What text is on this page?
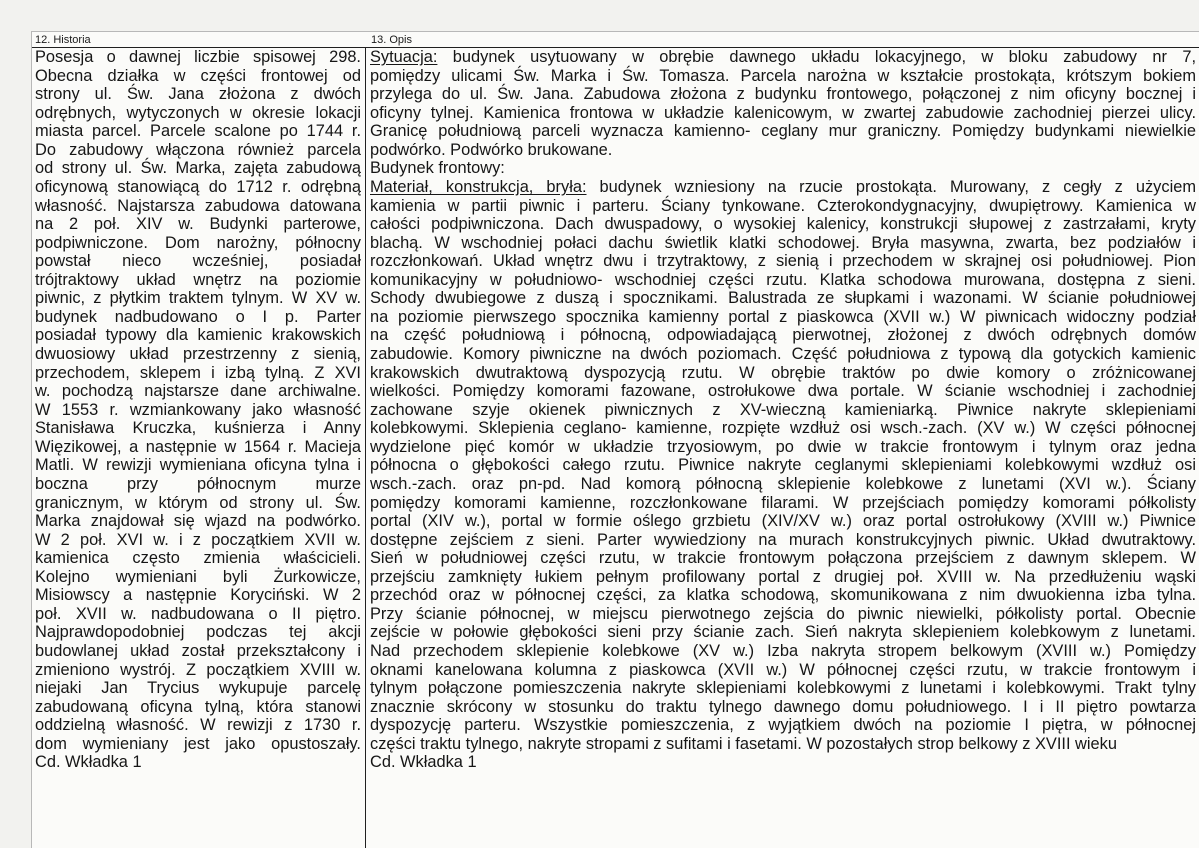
12. Historia	13. Opis
Posesja o dawnej liczbie spisowej 298.
Obecna działka w części frontowej od
strony ul. Św. Jana złożona z dwóch
odrębnych, wytyczonych w okresie lokacji
miasta parcel. Parcele scalone po 1744 r.
Do zabudowy włączona również parcela
od strony ul. Św. Marka, zajęta zabudową
oficynową stanowiącą do 1712 r. odrębną
własność. Najstarsza zabudowa datowana
na 2 poł. XIV w. Budynki parterowe,
podpiwniczone. Dom narożny, północny
powstał nieco wcześniej, posiadał
trójtraktowy układ wnętrz na poziomie
piwnic, z płytkim traktem tylnym. W XV w.
budynek nadbudowano o I p. Parter
posiadał typowy dla kamienic krakowskich
dwuosiowy układ przestrzenny z sienią,
przechodem, sklepem i izbą tylną. Z XVI
w. pochodzą najstarsze dane archiwalne.
W 1553 r. wzmiankowany jako własność
Stanisława Kruczka, kuśnierza i Anny
Więzikowej, a następnie w 1564 r. Macieja
Matli. W rewizji wymieniana oficyna tylna i
boczna przy północnym murze
granicznym, w którym od strony ul. Św.
Marka znajdował się wjazd na podwórko.
W 2 poł. XVI w. i z początkiem XVII w.
kamienica często zmienia właścicieli.
Kolejno wymieniani byli Żurkowicze,
Misiowscy a następnie Koryciński. W 2
poł. XVII w. nadbudowana o II piętro.
Najprawdopodobniej podczas tej akcji
budowlanej układ został przekształcony i
zmieniono wystrój. Z początkiem XVIII w.
niejaki Jan Trycius wykupuje parcelę
zabudowaną oficyna tylną, która stanowi
oddzielną własność. W rewizji z 1730 r.
dom wymieniany jest jako opustoszały.
Cd. Wkładka 1
Sytuacja: budynek usytuowany w obrębie dawnego układu lokacyjnego, w bloku zabudowy nr 7,
pomiędzy ulicami Św. Marka i Św. Tomasza. Parcela narożna w kształcie prostokąta, krótszym bokiem
przylega do ul. Św. Jana. Zabudowa złożona z budynku frontowego, połączonej z nim oficyny bocznej i
oficyny tylnej. Kamienica frontowa w układzie kalenicowym, w zwartej zabudowie zachodniej pierzei ulicy.
Granicę południową parceli wyznacza kamienno- ceglany mur graniczny. Pomiędzy budynkami niewielkie
podwórko. Podwórko brukowane.
Budynek frontowy:
Materiał, konstrukcja, bryła: budynek wzniesiony na rzucie prostokąta. Murowany, z cegły z użyciem
kamienia w partii piwnic i parteru. Ściany tynkowane. Czterokondygnacyjny, dwupiętrowy. Kamienica w
całości podpiwniczona. Dach dwuspadowy, o wysokiej kalenicy, konstrukcji słupowej z zastrzałami, kryty
blachą. W wschodniej połaci dachu świetlik klatki schodowej. Bryła masywna, zwarta, bez podziałów i
rozczłonkowań. Układ wnętrz dwu i trzytraktowy, z sienią i przechodem w skrajnej osi południowej. Pion
komunikacyjny w południowo- wschodniej części rzutu. Klatka schodowa murowana, dostępna z sieni.
Schody dwubiegowe z duszą i spocznikami. Balustrada ze słupkami i wazonami. W ścianie południowej
na poziomie pierwszego spocznika kamienny portal z piaskowca (XVII w.) W piwnicach widoczny podział
na część południową i północną, odpowiadającą pierwotnej, złożonej z dwóch odrębnych domów
zabudowie. Komory piwniczne na dwóch poziomach. Część południowa z typową dla gotyckich kamienic
krakowskich dwutraktową dyspozycją rzutu. W obrębie traktów po dwie komory o zróżnicowanej
wielkości. Pomiędzy komorami fazowane, ostrołukowe dwa portale. W ścianie wschodniej i zachodniej
zachowane szyje okienek piwnicznych z XV-wieczną kamieniarką. Piwnice nakryte sklepieniami
kolebkowymi. Sklepienia ceglano- kamienne, rozpięte wzdłuż osi wsch.-zach. (XV w.) W części północnej
wydzielone pięć komór w układzie trzyosiowym, po dwie w trakcie frontowym i tylnym oraz jedna
północna o głębokości całego rzutu. Piwnice nakryte ceglanymi sklepieniami kolebkowymi wzdłuż osi
wsch.-zach. oraz pn-pd. Nad komorą północną sklepienie kolebkowe z lunetami (XVI w.). Ściany
pomiędzy komorami kamienne, rozczłonkowane filarami. W przejściach pomiędzy komorami półkolisty
portal (XIV w.), portal w formie oślego grzbietu (XIV/XV w.) oraz portal ostrołukowy (XVIII w.) Piwnice
dostępne zejściem z sieni. Parter wywiedziony na murach konstrukcyjnych piwnic. Układ dwutraktowy.
Sień w południowej części rzutu, w trakcie frontowym połączona przejściem z dawnym sklepem. W
przejściu zamknięty łukiem pełnym profilowany portal z drugiej poł. XVIII w. Na przedłużeniu wąski
przechód oraz w północnej części, za klatka schodową, skomunikowana z nim dwuokienna izba tylna.
Przy ścianie północnej, w miejscu pierwotnego zejścia do piwnic niewielki, półkolisty portal. Obecnie
zejście w połowie głębokości sieni przy ścianie zach. Sień nakryta sklepieniem kolebkowym z lunetami.
Nad przechodem sklepienie kolebkowe (XV w.) Izba nakryta stropem belkowym (XVIII w.) Pomiędzy
oknami kanelowana kolumna z piaskowca (XVII w.) W północnej części rzutu, w trakcie frontowym i
tylnym połączone pomieszczenia nakryte sklepieniami kolebkowymi z lunetami i kolebkowymi. Trakt tylny
znacznie skrócony w stosunku do traktu tylnego dawnego domu południowego. I i II piętro powtarza
dyspozycję parteru. Wszystkie pomieszczenia, z wyjątkiem dwóch na poziomie I piętra, w północnej
części traktu tylnego, nakryte stropami z sufitami i fasetami. W pozostałych strop belkowy z XVIII wieku
Cd. Wkładka 1
